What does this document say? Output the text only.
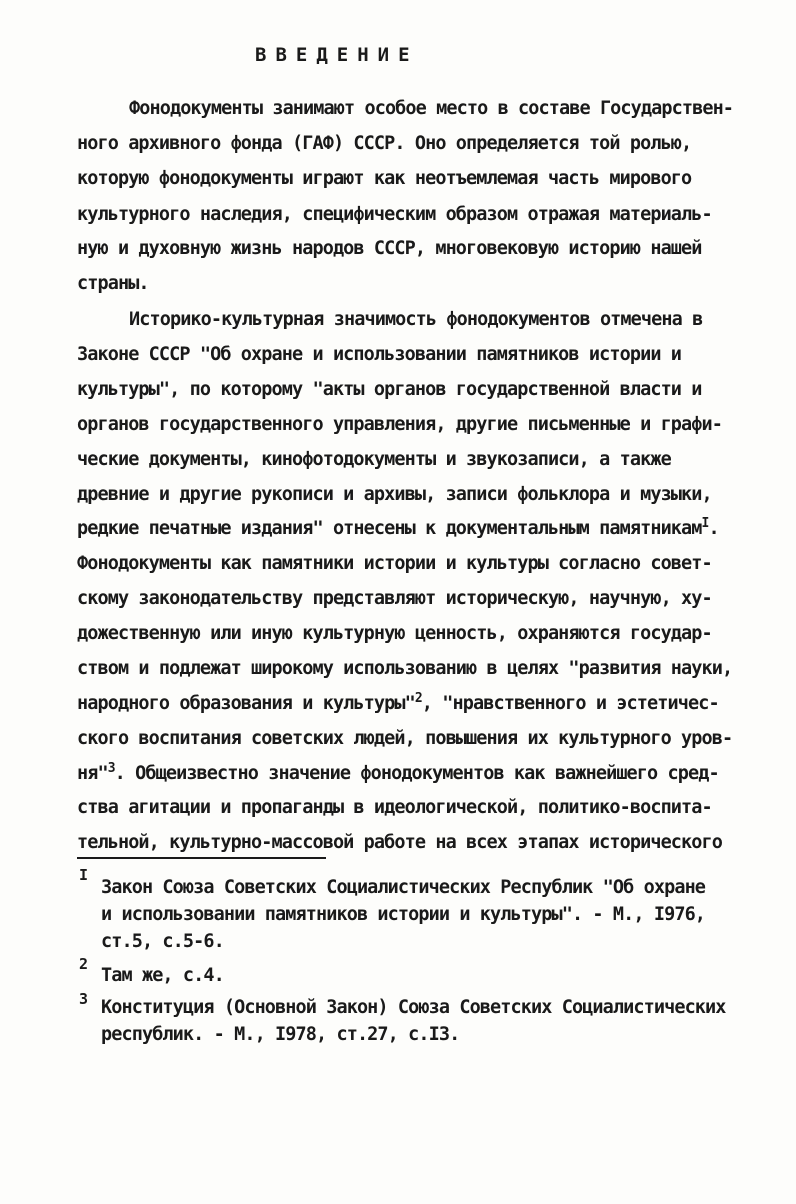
ВВЕДЕНИЕ
Фонодокументы занимают особое место в составе Государствен-
ного архивного фонда (ГАФ) СССР. Оно определяется той ролью,
которую фонодокументы играют как неотъемлемая часть мирового
культурного наследия, специфическим образом отражая материаль-
ную и духовную жизнь народов СССР, многовековую историю нашей
страны.
Историко-культурная значимость фонодокументов отмечена в
Законе СССР "Об охране и использовании памятников истории и
культуры", по которому "акты органов государственной власти и
органов государственного управления, другие письменные и графи-
ческие документы, кинофотодокументы и звукозаписи, а также
древние и другие рукописи и архивы, записи фольклора и музыки,
редкие печатные издания" отнесены к документальным памятникам$^I$.
Фонодокументы как памятники истории и культуры согласно совет-
скому законодательству представляют историческую, научную, ху-
дожественную или иную культурную ценность, охраняются государ-
ством и подлежат широкому использованию в целях "развития науки,
народного образования и культуры"$^2$, "нравственного и эстетичес-
ского воспитания советских людей, повышения их культурного уров-
ня"$^3$. Общеизвестно значение фонодокументов как важнейшего сред-
ства агитации и пропаганды в идеологической, политико-воспита-
тельной, культурно-массовой работе на всех этапах исторического
I
Закон Союза Советских Социалистических Республик "Об охране
и использовании памятников истории и культуры". - М., I976,
ст.5, с.5-6.
2
Там же, с.4.
3 Конституция (Основной Закон) Союза Советских Социалистических
республик. - М., I978, ст.27, с.I3.
